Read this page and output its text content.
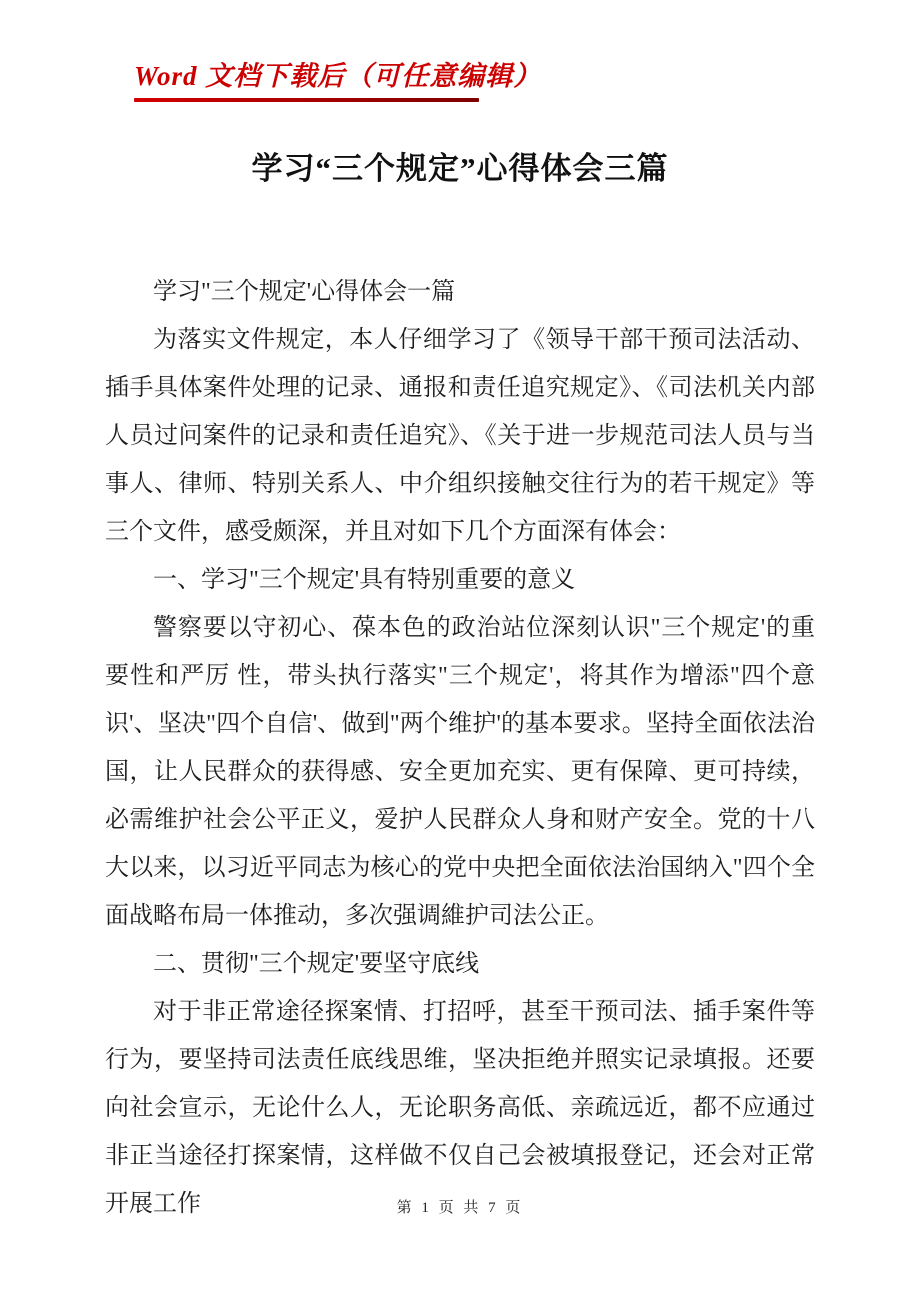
Word 文档下载后（可任意编辑）
学习“三个规定”心得体会三篇

学习"三个规定'心得体会一篇

为落实文件规定，本人仔细学习了《领导干部干预司法活动、插手具体案件处理的记录、通报和责任追究规定》、《司法机关内部人员过问案件的记录和责任追究》、《关于进一步规范司法人员与当事人、律师、特别关系人、中介组织接触交往行为的若干规定》等三个文件，感受颇深，并且对如下几个方面深有体会：

一、学习"三个规定'具有特别重要的意义

警察要以守初心、葆本色的政治站位深刻认识"三个规定'的重要性和严厉 性，带头执行落实"三个规定'，将其作为增添"四个意识'、坚决"四个自信'、做到"两个维护'的基本要求。坚持全面依法治国，让人民群众的获得感、安全更加充实、更有保障、更可持续，必需维护社会公平正义，爱护人民群众人身和财产安全。党的十八大以来，以习近平同志为核心的党中央把全面依法治国纳入"四个全面战略布局一体推动，多次强调維护司法公正。

二、贯彻"三个规定'要坚守底线

对于非正常途径探案情、打招呼，甚至干预司法、插手案件等行为，要坚持司法责任底线思维，坚决拒绝并照实记录填报。还要向社会宣示，无论什么人，无论职务高低、亲疏远近，都不应通过非正当途径打探案情，这样做不仅自己会被填报登记，还会对正常开展工作	第 1 页 共 7 页
